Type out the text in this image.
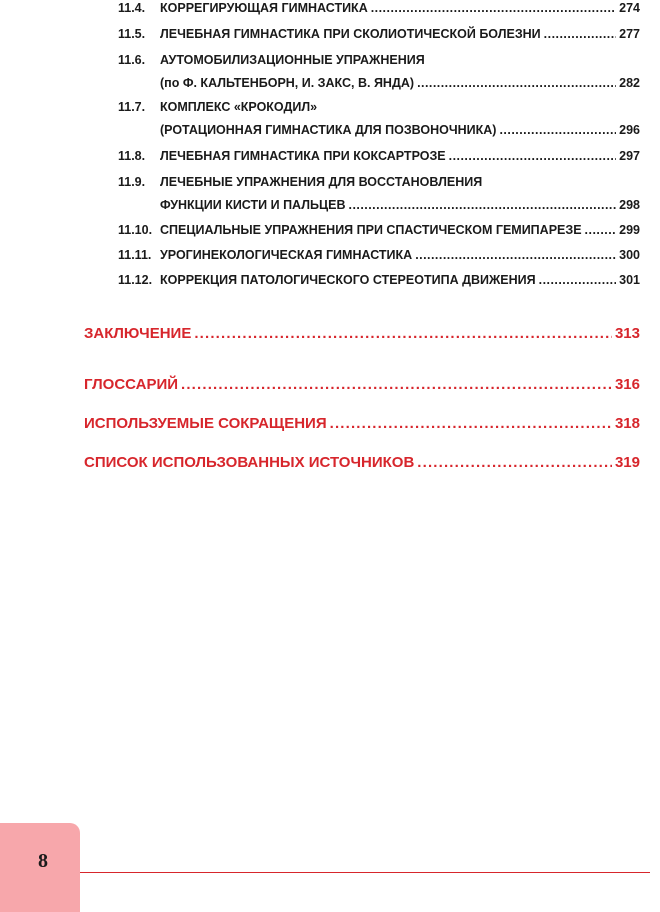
11.4.	КОРРЕГИРУЮЩАЯ ГИМНАСТИКА . . .	274
11.5.	ЛЕЧЕБНАЯ ГИМНАСТИКА ПРИ СКОЛИОТИЧЕСКОЙ БОЛЕЗНИ . . .	277
11.6. АУТОМОБИЛИЗАЦИОННЫЕ УПРАЖНЕНИЯ
(по Ф. КАЛЬТЕНБОРН, И. ЗАКС, В. ЯНДА) . . .	282
11.7. КОМПЛЕКС «КРОКОДИЛ»
(РОТАЦИОННАЯ ГИМНАСТИКА ДЛЯ ПОЗВОНОЧНИКА) . . .	296
11.8.	ЛЕЧЕБНАЯ ГИМНАСТИКА ПРИ КОКСАРТРОЗЕ . . .	297
11.9. ЛЕЧЕБНЫЕ УПРАЖНЕНИЯ ДЛЯ ВОССТАНОВЛЕНИЯ
ФУНКЦИИ КИСТИ И ПАЛЬЦЕВ . . .	298
11.10. СПЕЦИАЛЬНЫЕ УПРАЖНЕНИЯ ПРИ СПАСТИЧЕСКОМ ГЕМИПАРЕЗЕ . . .	299
11.11. УРОГИНЕКОЛОГИЧЕСКАЯ ГИМНАСТИКА . . .	300
11.12. КОРРЕКЦИЯ ПАТОЛОГИЧЕСКОГО СТЕРЕОТИПА ДВИЖЕНИЯ . . .	301
ЗАКЛЮЧЕНИЕ . . .	313
ГЛОССАРИЙ . . .	316
ИСПОЛЬЗУЕМЫЕ СОКРАЩЕНИЯ . . .	318
СПИСОК ИСПОЛЬЗОВАННЫХ ИСТОЧНИКОВ . . .	319
8
